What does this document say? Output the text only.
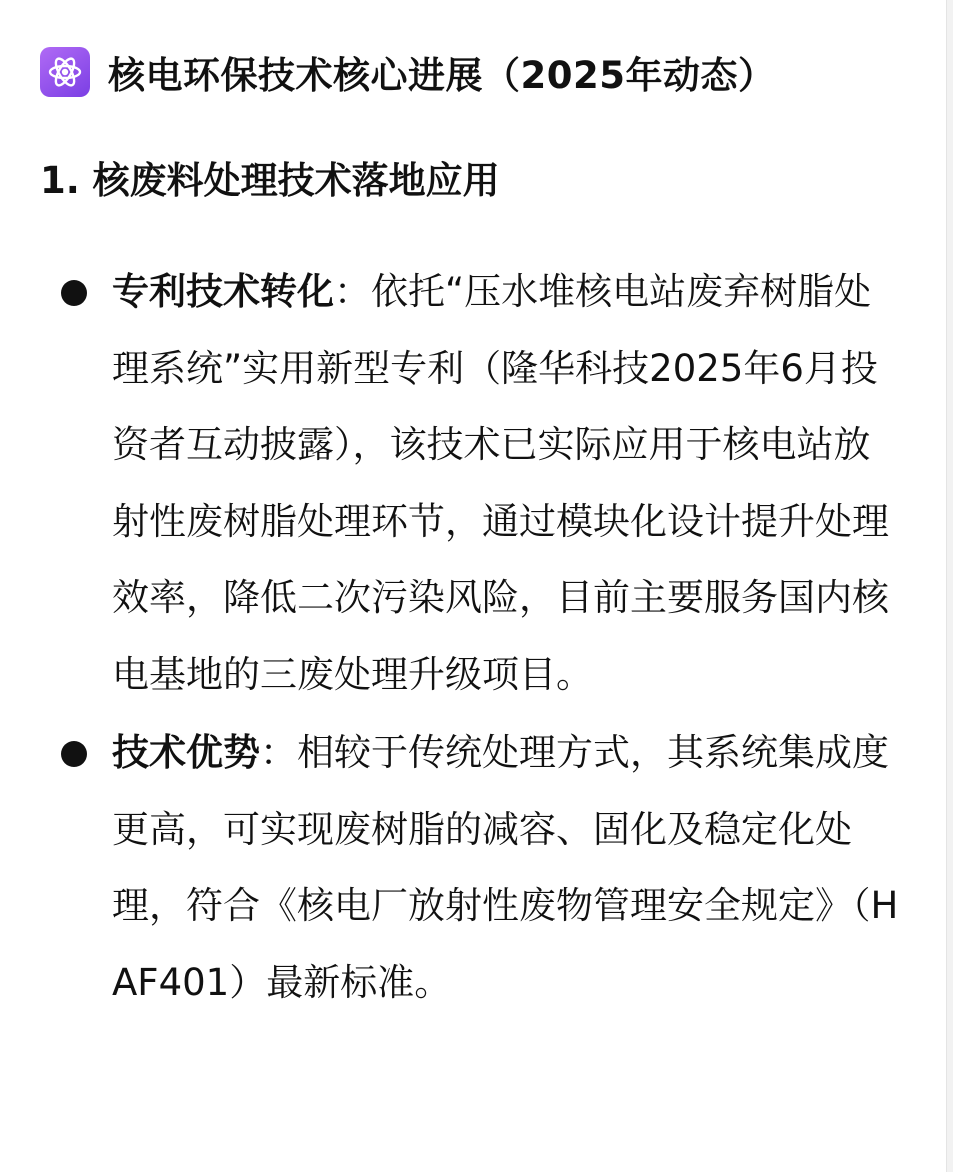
核电环保技术核心进展（2025年动态）
1. 核废料处理技术落地应用
专利技术转化：依托“压水堆核电站废弃树脂处理系统”实用新型专利（隆华科技2025年6月投资者互动披露），该技术已实际应用于核电站放射性废树脂处理环节，通过模块化设计提升处理效率，降低二次污染风险，目前主要服务国内核电基地的三废处理升级项目。
技术优势：相较于传统处理方式，其系统集成度更高，可实现废树脂的减容、固化及稳定化处理，符合《核电厂放射性废物管理安全规定》（HAF401）最新标准。
